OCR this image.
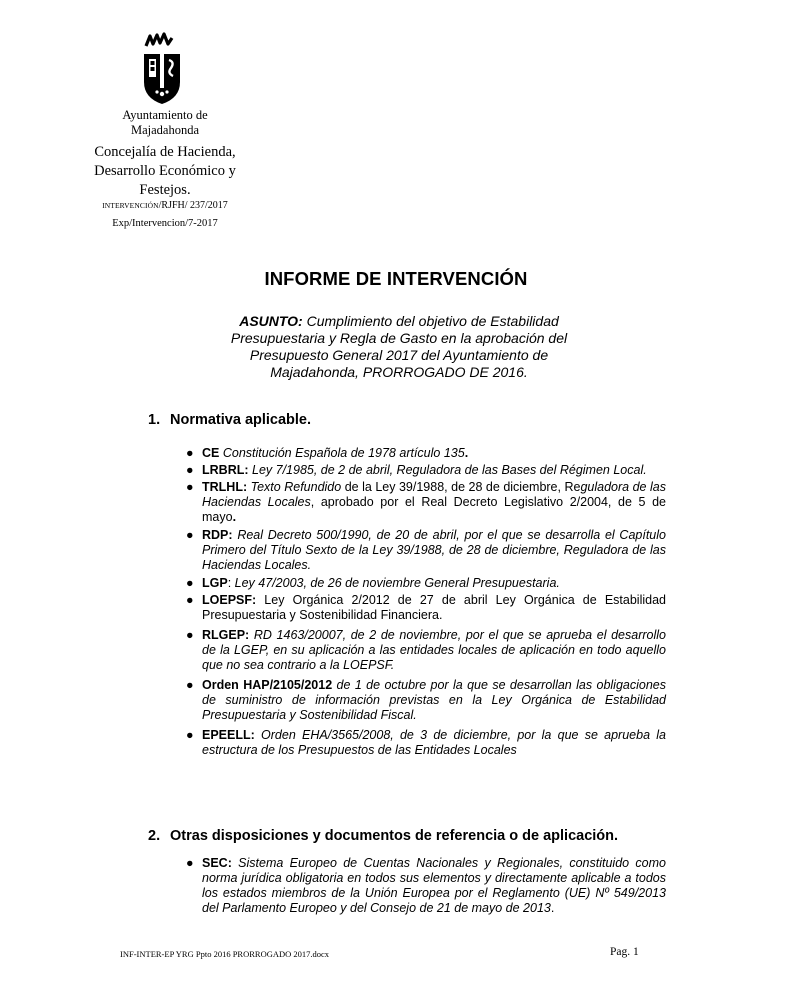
Ayuntamiento de
Majadahonda
Concejalía de Hacienda,
Desarrollo Económico y
Festejos.
INTERVENCIÓN/RJFH/ 237/2017
Exp/Intervencion/7-2017
INFORME DE INTERVENCIÓN
ASUNTO: Cumplimiento del objetivo de Estabilidad Presupuestaria y Regla de Gasto en la aprobación del Presupuesto General 2017 del Ayuntamiento de Majadahonda, PRORROGADO DE 2016.
1. Normativa aplicable.
● CE Constitución Española de 1978 artículo 135.
● LRBRL: Ley 7/1985, de 2 de abril, Reguladora de las Bases del Régimen Local.
● TRLHL: Texto Refundido de la Ley 39/1988, de 28 de diciembre, Reguladora de las Haciendas Locales, aprobado por el Real Decreto Legislativo 2/2004, de 5 de mayo.
● RDP: Real Decreto 500/1990, de 20 de abril, por el que se desarrolla el Capítulo Primero del Título Sexto de la Ley 39/1988, de 28 de diciembre, Reguladora de las Haciendas Locales.
● LGP: Ley 47/2003, de 26 de noviembre General Presupuestaria.
● LOEPSF: Ley Orgánica 2/2012 de 27 de abril Ley Orgánica de Estabilidad Presupuestaria y Sostenibilidad Financiera.
● RLGEP: RD 1463/20007, de 2 de noviembre, por el que se aprueba el desarrollo de la LGEP, en su aplicación a las entidades locales de aplicación en todo aquello que no sea contrario a la LOEPSF.
● Orden HAP/2105/2012 de 1 de octubre por la que se desarrollan las obligaciones de suministro de información previstas en la Ley Orgánica de Estabilidad Presupuestaria y Sostenibilidad Fiscal.
● EPEELL: Orden EHA/3565/2008, de 3 de diciembre, por la que se aprueba la estructura de los Presupuestos de las Entidades Locales
2. Otras disposiciones y documentos de referencia o de aplicación.
● SEC: Sistema Europeo de Cuentas Nacionales y Regionales, constituido como norma jurídica obligatoria en todos sus elementos y directamente aplicable a todos los estados miembros de la Unión Europea por el Reglamento (UE) Nº 549/2013 del Parlamento Europeo y del Consejo de 21 de mayo de 2013.
INF-INTER-EP YRG Ppto 2016 PRORROGADO 2017.docx	Pag. 1
